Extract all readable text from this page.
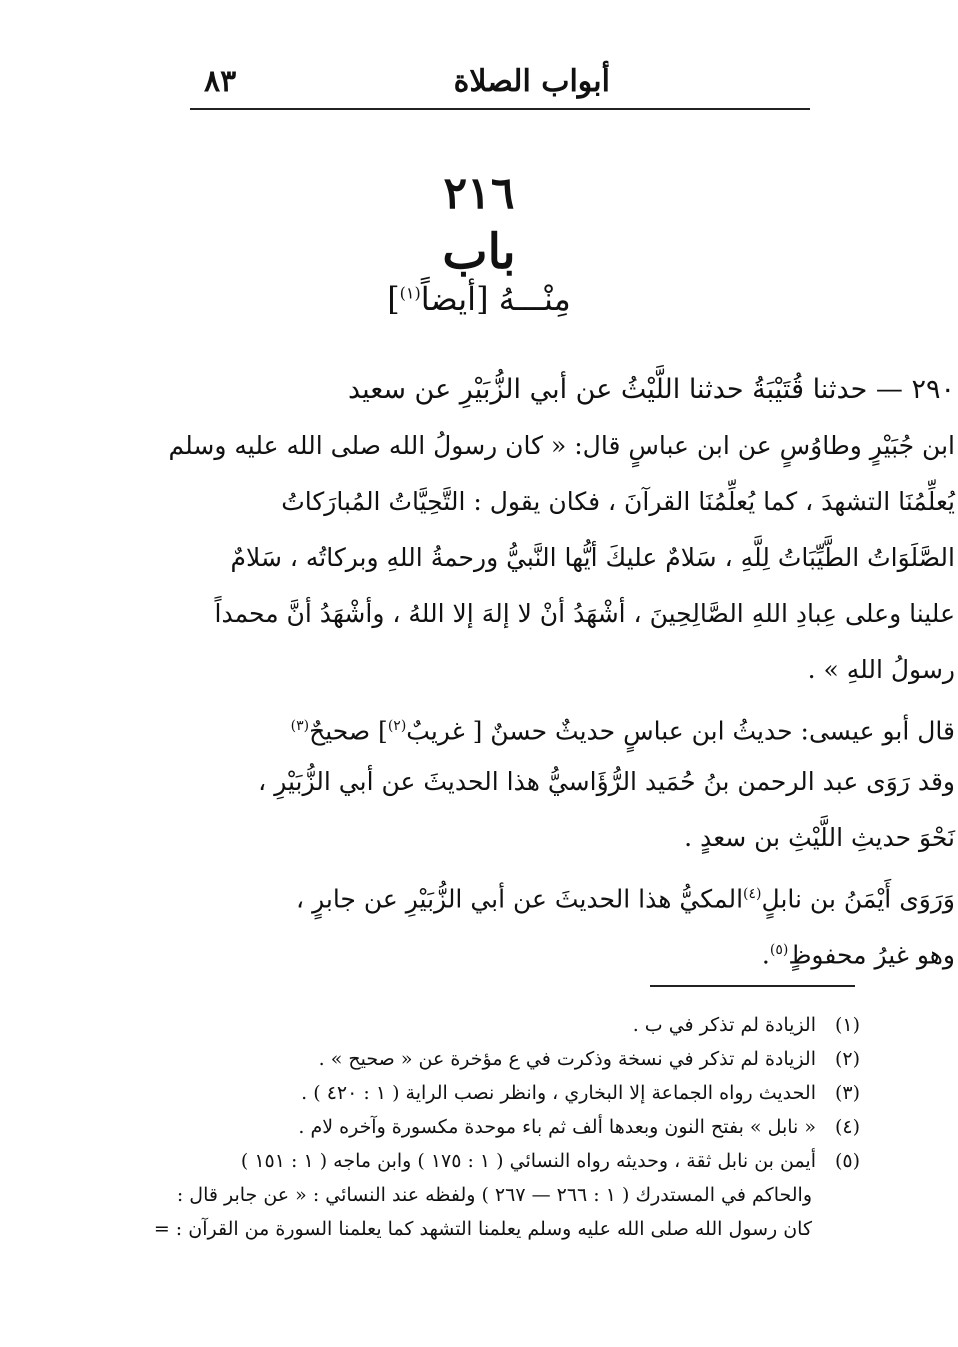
أبواب الصلاة
٨٣
٢١٦
باب
مِنْـــهُ [أيضاً$^{(١)}$]
٢٩٠ — حدثنا قُتَيْبَةُ حدثنا اللَّيْثُ عن أبي الزُّبَيْرِ عن سعيد
ابن جُبَيْرٍ وطاوُسٍ عن ابن عباسٍ قال: « كان رسولُ الله صلى الله عليه وسلم
يُعلِّمُنَا التشهدَ ، كما يُعلِّمُنَا القرآنَ ، فكان يقول : التَّحِيَّاتُ المُبارَكاتُ
الصَّلَوَاتُ الطَّيِّبَاتُ لِلَّهِ ، سَلامٌ عليكَ أيُّها النَّبيُّ ورحمةُ اللهِ وبركاتُه ، سَلامٌ
علينا وعلى عِبادِ اللهِ الصَّالِحِينَ ، أشْهَدُ أنْ لا إلهَ إلا اللهُ ، وأشْهَدُ أنَّ محمداً
رسولُ اللهِ » .
قال أبو عيسى: حديثُ ابن عباسٍ حديثٌ حسنٌ [ غريبٌ$^{(٢)}$] صحيحٌ$^{(٣)}$
وقد رَوَى عبد الرحمن بنُ حُمَيد الرُّؤَاسيُّ هذا الحديثَ عن أبي الزُّبَيْرِ ،
نَحْوَ حديثِ اللَّيْثِ بن سعدٍ .
وَرَوَى أَيْمَنُ بن نابلٍ$^{(٤)}$المكيُّ هذا الحديثَ عن أبي الزُّبَيْرِ عن جابرٍ ،
وهو غيرُ محفوظٍ$^{(٥)}$.
(١)الزيادة لم تذكر في ب .
(٢)الزيادة لم تذكر في نسخة وذكرت في ع مؤخرة عن « صحيح » .
(٣)الحديث رواه الجماعة إلا البخاري ، وانظر نصب الراية ( ١ : ٤٢٠ ) .
(٤)« نابل » بفتح النون وبعدها ألف ثم باء موحدة مكسورة وآخره لام .
(٥)أيمن بن نابل ثقة ، وحديثه رواه النسائي ( ١ : ١٧٥ ) وابن ماجه ( ١ : ١٥١ )
والحاكم في المستدرك ( ١ : ٢٦٦ — ٢٦٧ ) ولفظه عند النسائي : « عن جابر قال :
كان رسول الله صلى الله عليه وسلم يعلمنا التشهد كما يعلمنا السورة من القرآن : =
